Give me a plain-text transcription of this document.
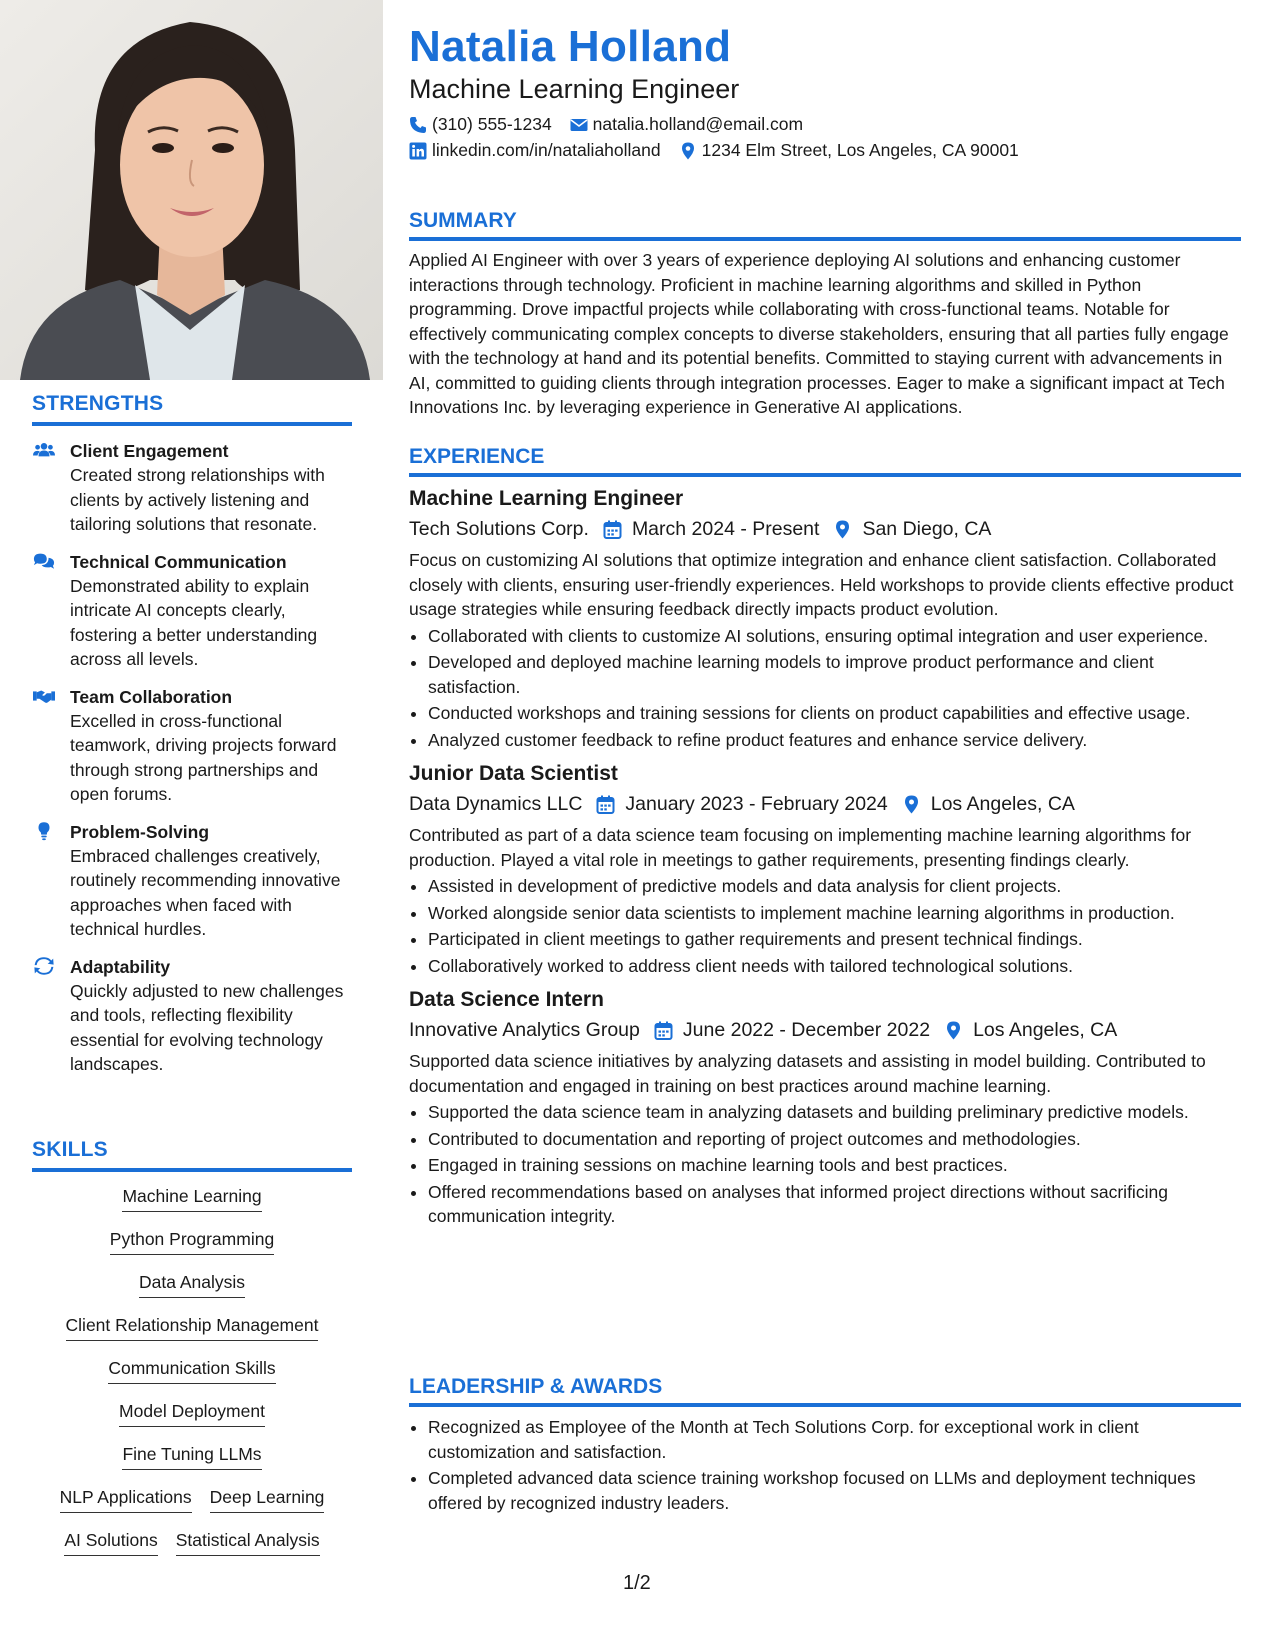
STRENGTHS
Client Engagement
Created strong relationships with clients by actively listening and tailoring solutions that resonate.
Technical Communication
Demonstrated ability to explain intricate AI concepts clearly, fostering a better understanding across all levels.
Team Collaboration
Excelled in cross-functional teamwork, driving projects forward through strong partnerships and open forums.
Problem-Solving
Embraced challenges creatively, routinely recommending innovative approaches when faced with technical hurdles.
Adaptability
Quickly adjusted to new challenges and tools, reflecting flexibility essential for evolving technology landscapes.
SKILLS
Machine Learning
Python Programming
Data Analysis
Client Relationship Management
Communication Skills
Model Deployment
Fine Tuning LLMs
NLP Applications Deep Learning
AI Solutions Statistical Analysis
Natalia Holland
Machine Learning Engineer
(310) 555-1234 natalia.holland@email.com
linkedin.com/in/nataliaholland 1234 Elm Street, Los Angeles, CA 90001
SUMMARY
Applied AI Engineer with over 3 years of experience deploying AI solutions and enhancing customer interactions through technology. Proficient in machine learning algorithms and skilled in Python programming. Drove impactful projects while collaborating with cross-functional teams. Notable for effectively communicating complex concepts to diverse stakeholders, ensuring that all parties fully engage with the technology at hand and its potential benefits. Committed to staying current with advancements in AI, committed to guiding clients through integration processes. Eager to make a significant impact at Tech Innovations Inc. by leveraging experience in Generative AI applications.
EXPERIENCE
Machine Learning Engineer
Tech Solutions Corp. March 2024 - Present San Diego, CA
Focus on customizing AI solutions that optimize integration and enhance client satisfaction. Collaborated closely with clients, ensuring user-friendly experiences. Held workshops to provide clients effective product usage strategies while ensuring feedback directly impacts product evolution.
• Collaborated with clients to customize AI solutions, ensuring optimal integration and user experience.
• Developed and deployed machine learning models to improve product performance and client satisfaction.
• Conducted workshops and training sessions for clients on product capabilities and effective usage.
• Analyzed customer feedback to refine product features and enhance service delivery.
Junior Data Scientist
Data Dynamics LLC January 2023 - February 2024 Los Angeles, CA
Contributed as part of a data science team focusing on implementing machine learning algorithms for production. Played a vital role in meetings to gather requirements, presenting findings clearly.
• Assisted in development of predictive models and data analysis for client projects.
• Worked alongside senior data scientists to implement machine learning algorithms in production.
• Participated in client meetings to gather requirements and present technical findings.
• Collaboratively worked to address client needs with tailored technological solutions.
Data Science Intern
Innovative Analytics Group June 2022 - December 2022 Los Angeles, CA
Supported data science initiatives by analyzing datasets and assisting in model building. Contributed to documentation and engaged in training on best practices around machine learning.
• Supported the data science team in analyzing datasets and building preliminary predictive models.
• Contributed to documentation and reporting of project outcomes and methodologies.
• Engaged in training sessions on machine learning tools and best practices.
• Offered recommendations based on analyses that informed project directions without sacrificing communication integrity.
LEADERSHIP & AWARDS
• Recognized as Employee of the Month at Tech Solutions Corp. for exceptional work in client customization and satisfaction.
• Completed advanced data science training workshop focused on LLMs and deployment techniques offered by recognized industry leaders.
1/2
